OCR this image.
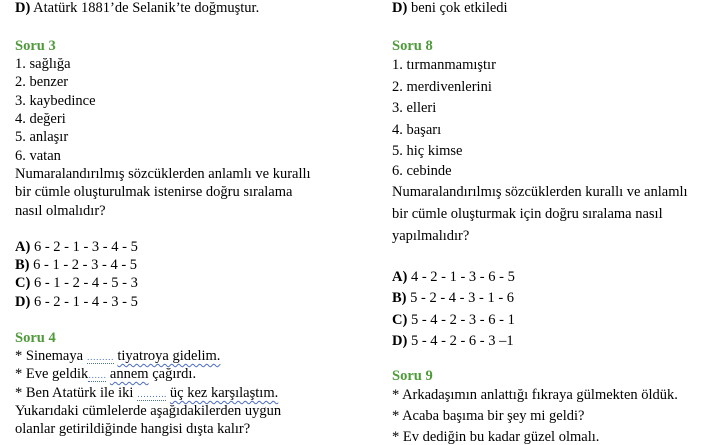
D) Atatürk 1881’de Selanik’te doğmuştur.
Soru 3
1. sağlığa
2. benzer
3. kaybedince
4. değeri
5. anlaşır
6. vatan
Numaralandırılmış sözcüklerden anlamlı ve kurallı
bir cümle oluşturulmak istenirse doğru sıralama
nasıl olmalıdır?
A) 6 - 2 - 1 - 3 - 4 - 5
B) 6 - 1 - 2 - 3 - 4 - 5
C) 6 - 1 - 2 - 4 - 5 - 3
D) 6 - 2 - 1 - 4 - 3 - 5
Soru 4
* Sinemaya ……… tiyatroya gidelim.
* Eve geldik…… annem çağırdı.
* Ben Atatürk ile iki ………. üç kez karşılaştım.
Yukarıdaki cümlelerde aşağıdakilerden uygun
olanlar getirildiğinde hangisi dışta kalır?
D) beni çok etkiledi
Soru 8
1. tırmanmamıştır
2. merdivenlerini
3. elleri
4. başarı
5. hiç kimse
6. cebinde
Numaralandırılmış sözcüklerden kurallı ve anlamlı
bir cümle oluşturmak için doğru sıralama nasıl
yapılmalıdır?
A) 4 - 2 - 1 - 3 - 6 - 5
B) 5 - 2 - 4 - 3 - 1 - 6
C) 5 - 4 - 2 - 3 - 6 - 1
D) 5 - 4 - 2 - 6 - 3 –1
Soru 9
* Arkadaşımın anlattığı fıkraya gülmekten öldük.
* Acaba başıma bir şey mi geldi?
* Ev dediğin bu kadar güzel olmalı.
